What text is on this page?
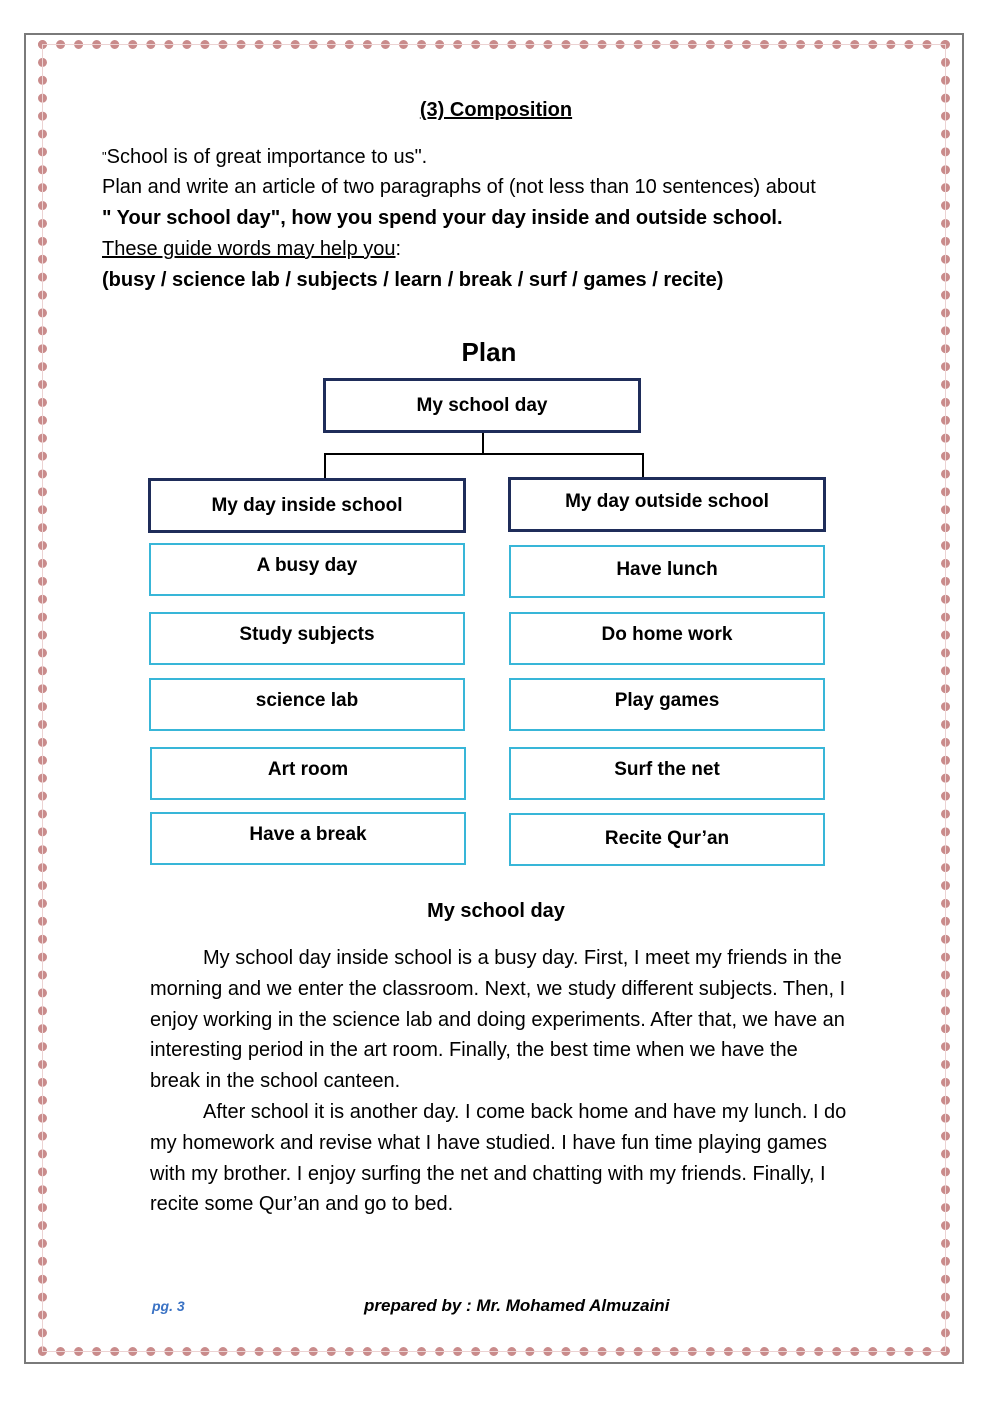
(3) Composition
"School is of great importance to us".
Plan and write an article of two paragraphs of (not less than 10 sentences) about
" Your school day", how you spend your day inside and outside school.
These guide words may help you:
(busy / science lab / subjects / learn / break / surf / games / recite)
Plan
My school day
My day inside school	My day outside school
A busy day
Study subjects
science lab
Art room
Have a break
Have lunch
Do home work
Play games
Surf the net
Recite Qur’an
My school day

My school day inside school is a busy day. First, I meet my friends in the morning and we enter the classroom. Next, we study different subjects. Then, I enjoy working in the science lab and doing experiments. After that, we have an interesting period in the art room. Finally, the best time when we have the break in the school canteen.

After school it is another day. I come back home and have my lunch. I do my homework and revise what I have studied. I have fun time playing games with my brother. I enjoy surfing the net and chatting with my friends. Finally, I recite some Qur’an and go to bed.

pg. 3	prepared by : Mr. Mohamed Almuzaini
